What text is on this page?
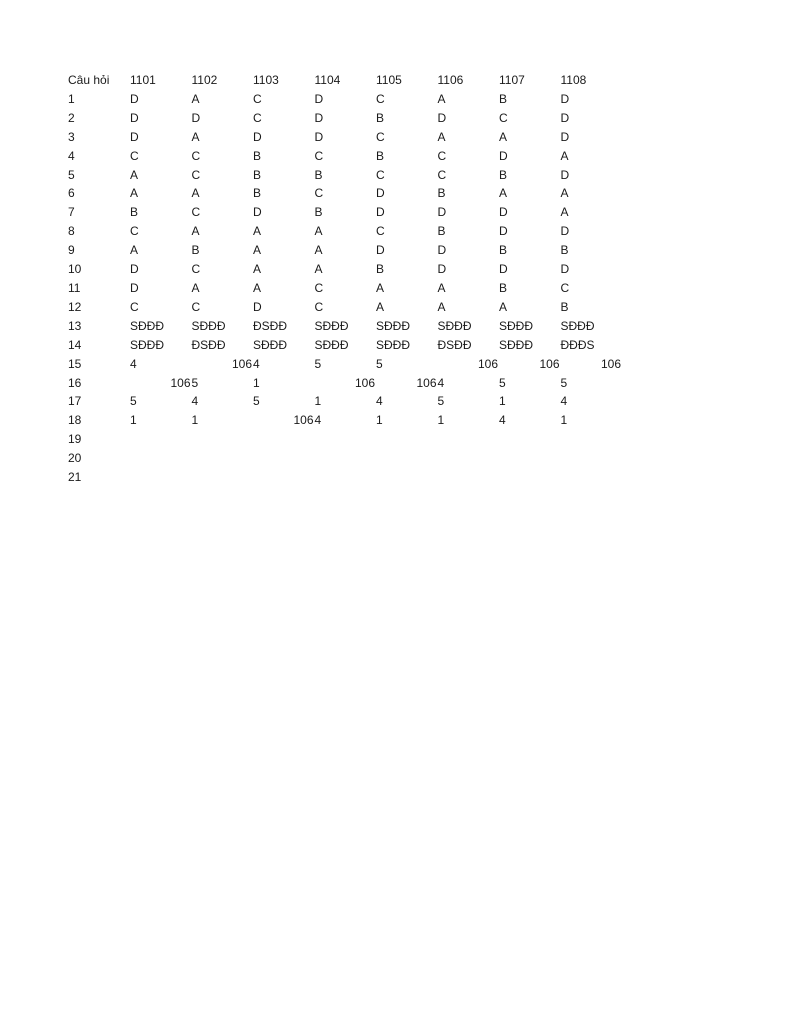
Câu hỏi	1101	1102	1103	1104	1105	1106	1107	1108	
1	D	A	C	D	C	A	B	D	
2	D	D	C	D	B	D	C	D	
3	D	A	D	D	C	A	A	D	
4	C	C	B	C	B	C	D	A	
5	A	C	B	B	C	C	B	D	
6	A	A	B	C	D	B	A	A	
7	B	C	D	B	D	D	D	A	
8	C	A	A	A	C	B	D	D	
9	A	B	A	A	D	D	B	B	
10	D	C	A	A	B	D	D	D	
11	D	A	A	C	A	A	B	C	
12	C	C	D	C	A	A	A	B	
13	SĐĐĐ	SĐĐĐ	ĐSĐĐ	SĐĐĐ	SĐĐĐ	SĐĐĐ	SĐĐĐ	SĐĐĐ	
14	SĐĐĐ	ĐSĐĐ	SĐĐĐ	SĐĐĐ	SĐĐĐ	ĐSĐĐ	SĐĐĐ	ĐĐĐS	
15	4	106	4	5	5	106	106	106	
16	106	5	1	106	106	4	5	5	
17	5	4	5	1	4	5	1	4	
18	1	1	106	4	1	1	4	1	
19									
20									
21									
